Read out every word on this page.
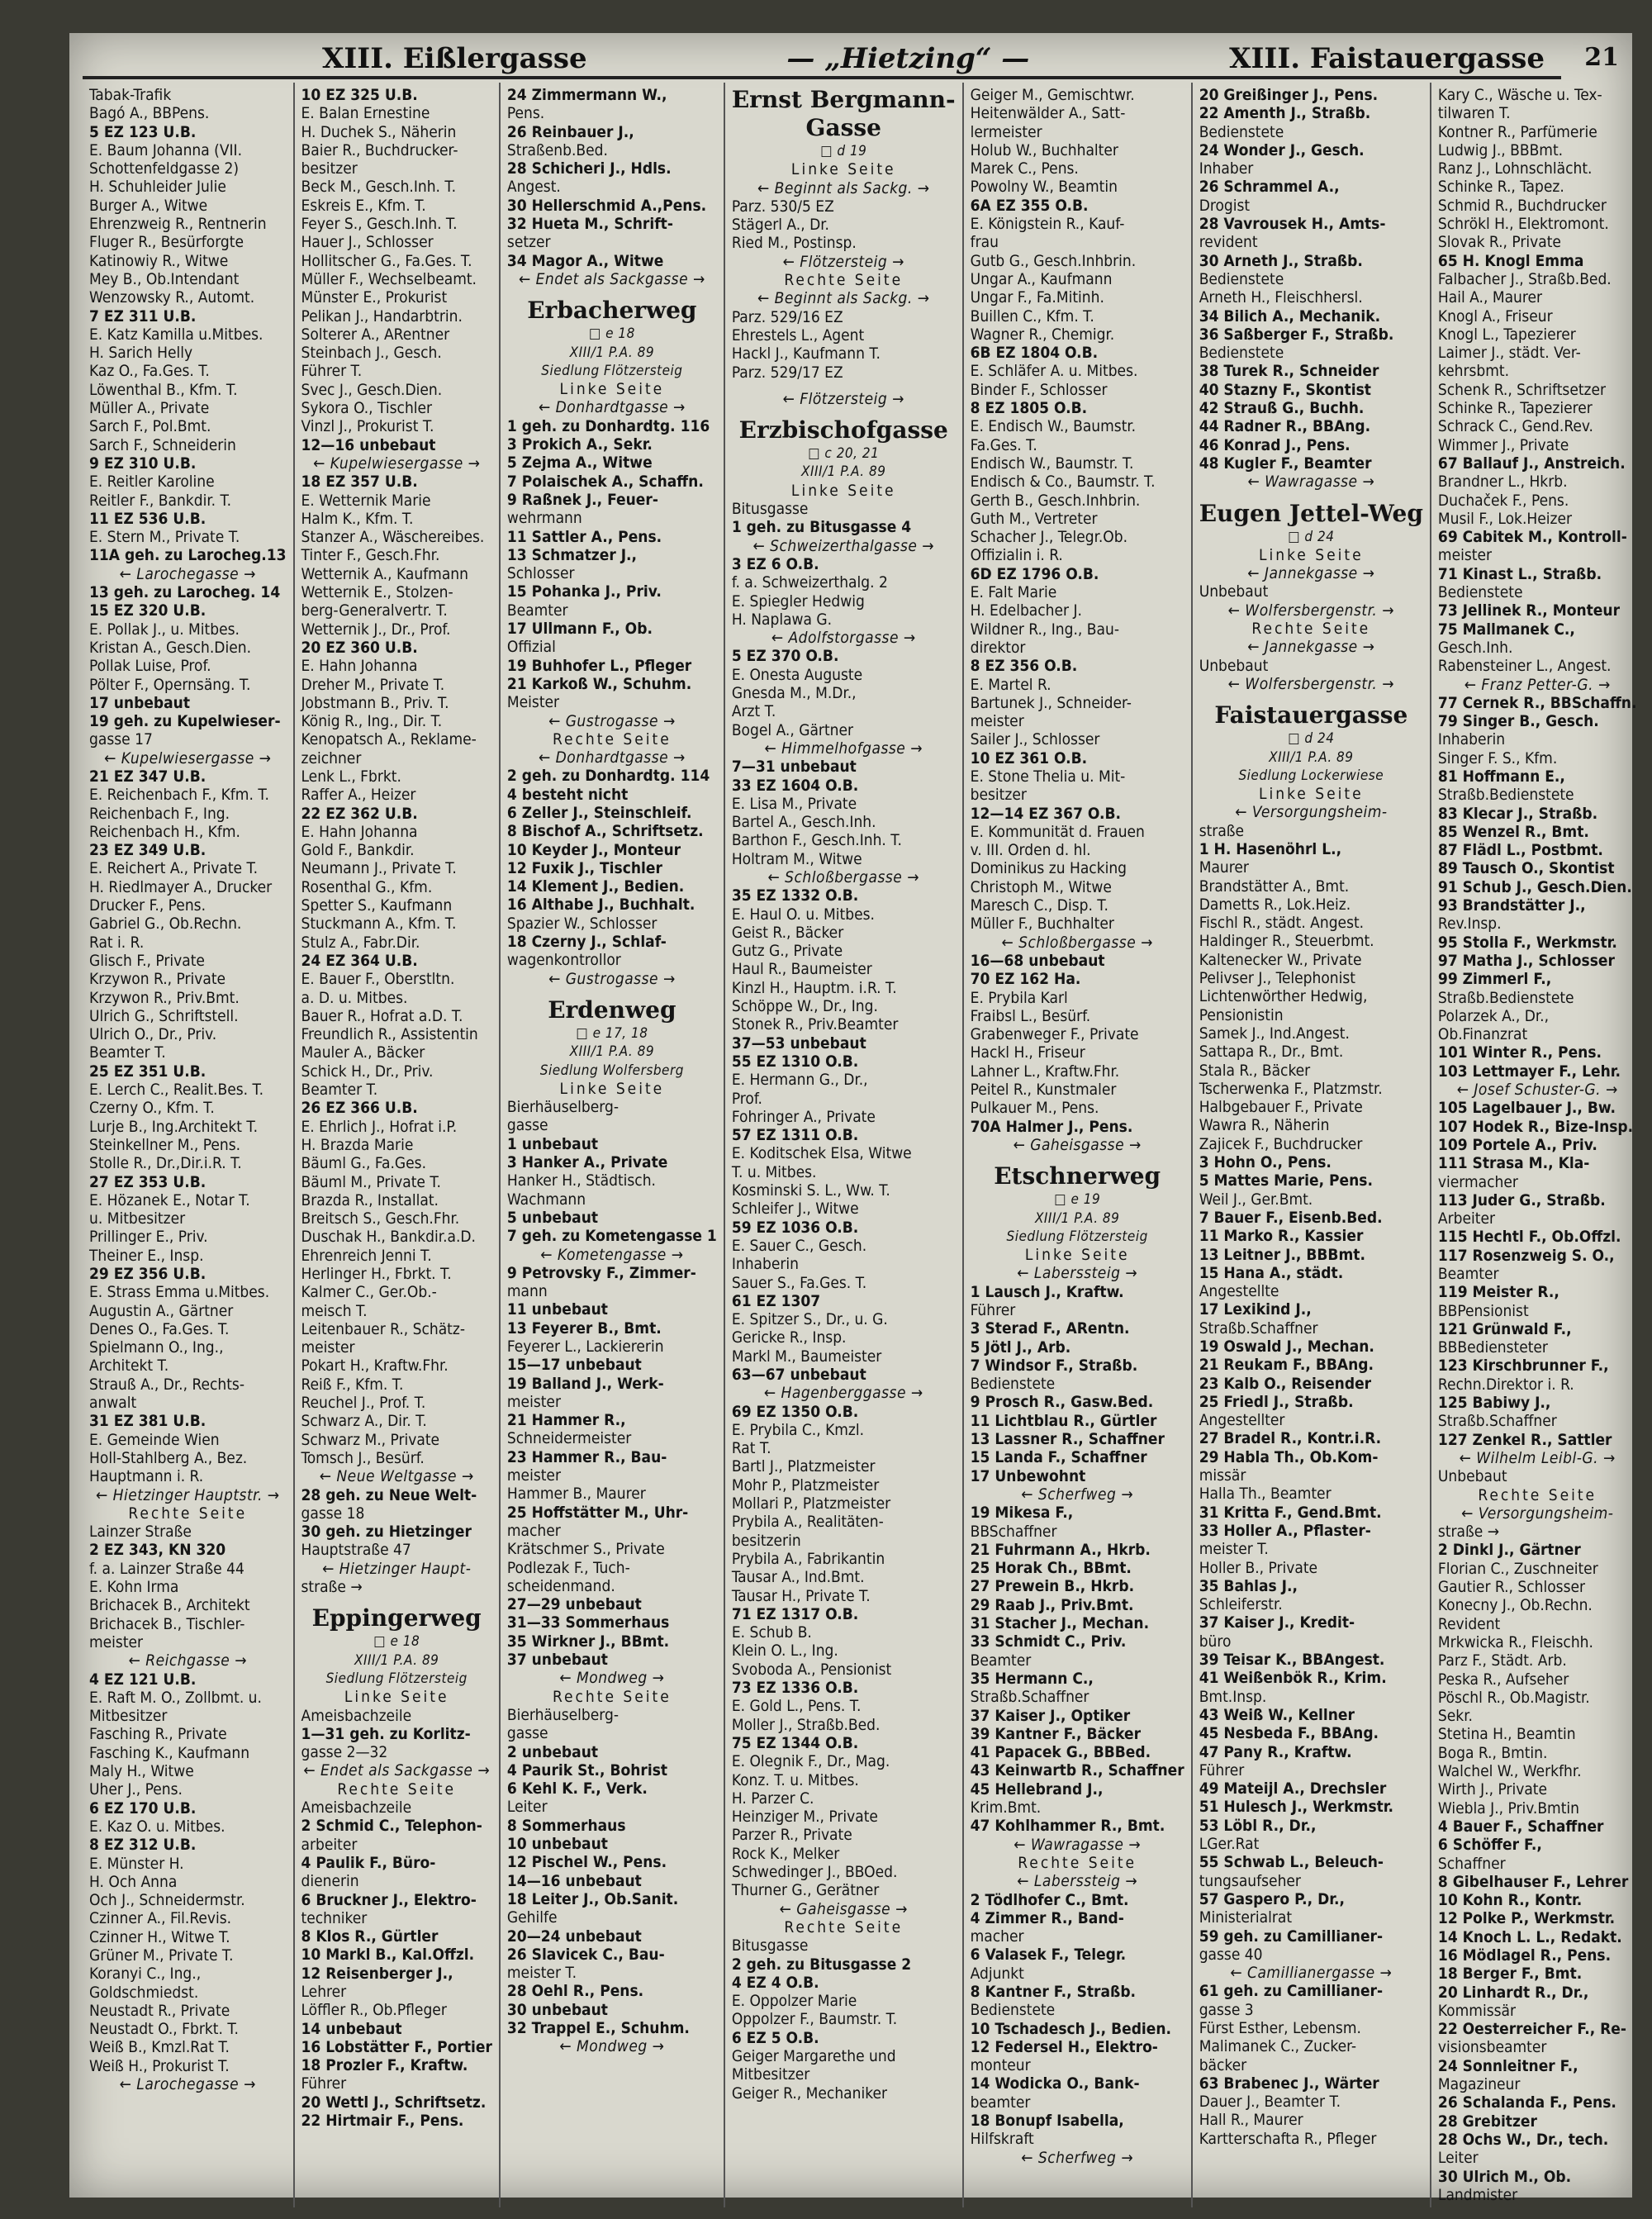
XIII. Eißlergasse	— „Hietzing“ —	XIII. Faistauergasse 21
Tabak-Trafik
Bagó A., BBPens.
5 EZ 123 U.B.
E. Baum Johanna (VII.
Schottenfeldgasse 2)
H. Schuhleider Julie
Burger A., Witwe
Ehrenzweig R., Rentnerin
Fluger R., Besürforgte
Katinowiy R., Witwe
Mey B., Ob.Intendant
Wenzowsky R., Automt.
7 EZ 311 U.B.
E. Katz Kamilla u.Mitbes.
H. Sarich Helly
Kaz O., Fa.Ges. T.
Löwenthal B., Kfm. T.
Müller A., Private
Sarch F., Pol.Bmt.
Sarch F., Schneiderin
9 EZ 310 U.B.
E. Reitler Karoline
Reitler F., Bankdir. T.
11 EZ 536 U.B.
E. Stern M., Private T.
11A geh. zu Larocheg.13
← Larochegasse →
13 geh. zu Larocheg. 14
15 EZ 320 U.B.
E. Pollak J., u. Mitbes.
Kristan A., Gesch.Dien.
Pollak Luise, Prof.
Pölter F., Opernsäng. T.
17 unbebaut
19 geh. zu Kupelwieser-
gasse 17
← Kupelwiesergasse →
21 EZ 347 U.B.
E. Reichenbach F., Kfm. T.
Reichenbach F., Ing.
Reichenbach H., Kfm.
23 EZ 349 U.B.
E. Reichert A., Private T.
H. Riedlmayer A., Drucker
Drucker F., Pens.
Gabriel G., Ob.Rechn.
Rat i. R.
Glisch F., Private
Krzywon R., Private
Krzywon R., Priv.Bmt.
Ulrich G., Schriftstell.
Ulrich O., Dr., Priv.
Beamter T.
25 EZ 351 U.B.
E. Lerch C., Realit.Bes. T.
Czerny O., Kfm. T.
Lurje B., Ing.Architekt T.
Steinkellner M., Pens.
Stolle R., Dr.,Dir.i.R. T.
27 EZ 353 U.B.
E. Hözanek E., Notar T.
u. Mitbesitzer
Prillinger E., Priv.
Theiner E., Insp.
29 EZ 356 U.B.
E. Strass Emma u.Mitbes.
Augustin A., Gärtner
Denes O., Fa.Ges. T.
Spielmann O., Ing.,
Architekt T.
Strauß A., Dr., Rechts-
anwalt
31 EZ 381 U.B.
E. Gemeinde Wien
Holl-Stahlberg A., Bez.
Hauptmann i. R.
← Hietzinger Hauptstr. →
Rechte Seite
Lainzer Straße
2 EZ 343, KN 320
f. a. Lainzer Straße 44
E. Kohn Irma
Brichacek B., Architekt
Brichacek B., Tischler-
meister
← Reichgasse →
4 EZ 121 U.B.
E. Raft M. O., Zollbmt. u.
Mitbesitzer
Fasching R., Private
Fasching K., Kaufmann
Maly H., Witwe
Uher J., Pens.
6 EZ 170 U.B.
E. Kaz O. u. Mitbes.
8 EZ 312 U.B.
E. Münster H.
H. Och Anna
Och J., Schneidermstr.
Czinner A., Fil.Revis.
Czinner H., Witwe T.
Grüner M., Private T.
Koranyi C., Ing.,
Goldschmiedst.
Neustadt R., Private
Neustadt O., Fbrkt. T.
Weiß B., Kmzl.Rat T.
Weiß H., Prokurist T.
← Larochegasse →
10 EZ 325 U.B.
E. Balan Ernestine
H. Duchek S., Näherin
Baier R., Buchdrucker-
besitzer
Beck M., Gesch.Inh. T.
Eskreis E., Kfm. T.
Feyer S., Gesch.Inh. T.
Hauer J., Schlosser
Hollitscher G., Fa.Ges. T.
Müller F., Wechselbeamt.
Münster E., Prokurist
Pelikan J., Handarbtrin.
Solterer A., ARentner
Steinbach J., Gesch.
Führer T.
Svec J., Gesch.Dien.
Sykora O., Tischler
Vinzl J., Prokurist T.
12—16 unbebaut
← Kupelwiesergasse →
18 EZ 357 U.B.
E. Wetternik Marie
Halm K., Kfm. T.
Stanzer A., Wäschereibes.
Tinter F., Gesch.Fhr.
Wetternik A., Kaufmann
Wetternik E., Stolzen-
berg-Generalvertr. T.
Wetternik J., Dr., Prof.
20 EZ 360 U.B.
E. Hahn Johanna
Dreher M., Private T.
Jobstmann B., Priv. T.
König R., Ing., Dir. T.
Kenopatsch A., Reklame-
zeichner
Lenk L., Fbrkt.
Raffer A., Heizer
22 EZ 362 U.B.
E. Hahn Johanna
Gold F., Bankdir.
Neumann J., Private T.
Rosenthal G., Kfm.
Spetter S., Kaufmann
Stuckmann A., Kfm. T.
Stulz A., Fabr.Dir.
24 EZ 364 U.B.
E. Bauer F., Oberstltn.
a. D. u. Mitbes.
Bauer R., Hofrat a.D. T.
Freundlich R., Assistentin
Mauler A., Bäcker
Schick H., Dr., Priv.
Beamter T.
26 EZ 366 U.B.
E. Ehrlich J., Hofrat i.P.
H. Brazda Marie
Bäuml G., Fa.Ges.
Bäuml M., Private T.
Brazda R., Installat.
Breitsch S., Gesch.Fhr.
Duschak H., Bankdir.a.D.
Ehrenreich Jenni T.
Herlinger H., Fbrkt. T.
Kalmer C., Ger.Ob.-
meisch T.
Leitenbauer R., Schätz-
meister
Pokart H., Kraftw.Fhr.
Reiß F., Kfm. T.
Reuchel J., Prof. T.
Schwarz A., Dir. T.
Schwarz M., Private
Tomsch J., Besürf.
← Neue Weltgasse →
28 geh. zu Neue Welt-
gasse 18
30 geh. zu Hietzinger
Hauptstraße 47
← Hietzinger Haupt-
straße →
Eppingerweg
□ e 18
XIII/1 P.A. 89
Siedlung Flötzersteig
Linke Seite
Ameisbachzeile
1—31 geh. zu Korlitz-
gasse 2—32
← Endet als Sackgasse →
Rechte Seite
Ameisbachzeile
2 Schmid C., Telephon-
arbeiter
4 Paulik F., Büro-
dienerin
6 Bruckner J., Elektro-
techniker
8 Klos R., Gürtler
10 Markl B., Kal.Offzl.
12 Reisenberger J.,
Lehrer
Löffler R., Ob.Pfleger
14 unbebaut
16 Lobstätter F., Portier
18 Prozler F., Kraftw.
Führer
20 Wettl J., Schriftsetz.
22 Hirtmair F., Pens.
24 Zimmermann W.,
Pens.
26 Reinbauer J.,
Straßenb.Bed.
28 Schicheri J., Hdls.
Angest.
30 Hellerschmid A.,Pens.
32 Hueta M., Schrift-
setzer
34 Magor A., Witwe
← Endet als Sackgasse →
Erbacherweg
□ e 18
XIII/1 P.A. 89
Siedlung Flötzersteig
Linke Seite
← Donhardtgasse →
1 geh. zu Donhardtg. 116
3 Prokich A., Sekr.
5 Zejma A., Witwe
7 Polaischek A., Schaffn.
9 Raßnek J., Feuer-
wehrmann
11 Sattler A., Pens.
13 Schmatzer J.,
Schlosser
15 Pohanka J., Priv.
Beamter
17 Ullmann F., Ob.
Offizial
19 Buhhofer L., Pfleger
21 Karkoß W., Schuhm.
Meister
← Gustrogasse →
Rechte Seite
← Donhardtgasse →
2 geh. zu Donhardtg. 114
4 besteht nicht
6 Zeller J., Steinschleif.
8 Bischof A., Schriftsetz.
10 Keyder J., Monteur
12 Fuxik J., Tischler
14 Klement J., Bedien.
16 Althabe J., Buchhalt.
Spazier W., Schlosser
18 Czerny J., Schlaf-
wagenkontrollor
← Gustrogasse →
Erdenweg
□ e 17, 18
XIII/1 P.A. 89
Siedlung Wolfersberg
Linke Seite
Bierhäuselberg-
gasse
1 unbebaut
3 Hanker A., Private
Hanker H., Städtisch.
Wachmann
5 unbebaut
7 geh. zu Kometengasse 1
← Kometengasse →
9 Petrovsky F., Zimmer-
mann
11 unbebaut
13 Feyerer B., Bmt.
Feyerer L., Lackiererin
15—17 unbebaut
19 Balland J., Werk-
meister
21 Hammer R.,
Schneidermeister
23 Hammer R., Bau-
meister
Hammer B., Maurer
25 Hoffstätter M., Uhr-
macher
Krätschmer S., Private
Podlezak F., Tuch-
scheidenmand.
27—29 unbebaut
31—33 Sommerhaus
35 Wirkner J., BBmt.
37 unbebaut
← Mondweg →
Rechte Seite
Bierhäuselberg-
gasse
2 unbebaut
4 Paurik St., Bohrist
6 Kehl K. F., Verk.
Leiter
8 Sommerhaus
10 unbebaut
12 Pischel W., Pens.
14—16 unbebaut
18 Leiter J., Ob.Sanit.
Gehilfe
20—24 unbebaut
26 Slavicek C., Bau-
meister T.
28 Oehl R., Pens.
30 unbebaut
32 Trappel E., Schuhm.
← Mondweg →
Ernst Bergmann-
Gasse
□ d 19
Linke Seite
← Beginnt als Sackg. →
Parz. 530/5 EZ
Stägerl A., Dr.
Ried M., Postinsp.
← Flötzersteig →
Rechte Seite
← Beginnt als Sackg. →
Parz. 529/16 EZ
Ehrestels L., Agent
Hackl J., Kaufmann T.
Parz. 529/17 EZ
← Flötzersteig →
Erzbischofgasse
□ c 20, 21
XIII/1 P.A. 89
Linke Seite
Bitusgasse
1 geh. zu Bitusgasse 4
← Schweizerthalgasse →
3 EZ 6 O.B.
f. a. Schweizerthalg. 2
E. Spiegler Hedwig
H. Naplawa G.
← Adolfstorgasse →
5 EZ 370 O.B.
E. Onesta Auguste
Gnesda M., M.Dr.,
Arzt T.
Bogel A., Gärtner
← Himmelhofgasse →
7—31 unbebaut
33 EZ 1604 O.B.
E. Lisa M., Private
Bartel A., Gesch.Inh.
Barthon F., Gesch.Inh. T.
Holtram M., Witwe
← Schloßbergasse →
35 EZ 1332 O.B.
E. Haul O. u. Mitbes.
Geist R., Bäcker
Gutz G., Private
Haul R., Baumeister
Kinzl H., Hauptm. i.R. T.
Schöppe W., Dr., Ing.
Stonek R., Priv.Beamter
37—53 unbebaut
55 EZ 1310 O.B.
E. Hermann G., Dr.,
Prof.
Fohringer A., Private
57 EZ 1311 O.B.
E. Koditschek Elsa, Witwe
T. u. Mitbes.
Kosminski S. L., Ww. T.
Schleifer J., Witwe
59 EZ 1036 O.B.
E. Sauer C., Gesch.
Inhaberin
Sauer S., Fa.Ges. T.
61 EZ 1307
E. Spitzer S., Dr., u. G.
Gericke R., Insp.
Markl M., Baumeister
63—67 unbebaut
← Hagenberggasse →
69 EZ 1350 O.B.
E. Prybila C., Kmzl.
Rat T.
Bartl J., Platzmeister
Mohr P., Platzmeister
Mollari P., Platzmeister
Prybila A., Realitäten-
besitzerin
Prybila A., Fabrikantin
Tausar A., Ind.Bmt.
Tausar H., Private T.
71 EZ 1317 O.B.
E. Schub B.
Klein O. L., Ing.
Svoboda A., Pensionist
73 EZ 1336 O.B.
E. Gold L., Pens. T.
Moller J., Straßb.Bed.
75 EZ 1344 O.B.
E. Olegnik F., Dr., Mag.
Konz. T. u. Mitbes.
H. Parzer C.
Heinziger M., Private
Parzer R., Private
Rock K., Melker
Schwedinger J., BBOed.
Thurner G., Gerätner
← Gaheisgasse →
Rechte Seite
Bitusgasse
2 geh. zu Bitusgasse 2
4 EZ 4 O.B.
E. Oppolzer Marie
Oppolzer F., Baumstr. T.
6 EZ 5 O.B.
Geiger Margarethe und
Mitbesitzer
Geiger R., Mechaniker
Geiger M., Gemischtwr.
Heitenwälder A., Satt-
lermeister
Holub W., Buchhalter
Marek C., Pens.
Powolny W., Beamtin
6A EZ 355 O.B.
E. Königstein R., Kauf-
frau
Gutb G., Gesch.Inhbrin.
Ungar A., Kaufmann
Ungar F., Fa.Mitinh.
Buillen C., Kfm. T.
Wagner R., Chemigr.
6B EZ 1804 O.B.
E. Schläfer A. u. Mitbes.
Binder F., Schlosser
8 EZ 1805 O.B.
E. Endisch W., Baumstr.
Fa.Ges. T.
Endisch W., Baumstr. T.
Endisch & Co., Baumstr. T.
Gerth B., Gesch.Inhbrin.
Guth M., Vertreter
Schacher J., Telegr.Ob.
Offizialin i. R.
6D EZ 1796 O.B.
E. Falt Marie
H. Edelbacher J.
Wildner R., Ing., Bau-
direktor
8 EZ 356 O.B.
E. Martel R.
Bartunek J., Schneider-
meister
Sailer J., Schlosser
10 EZ 361 O.B.
E. Stone Thelia u. Mit-
besitzer
12—14 EZ 367 O.B.
E. Kommunität d. Frauen
v. III. Orden d. hl.
Dominikus zu Hacking
Christoph M., Witwe
Maresch C., Disp. T.
Müller F., Buchhalter
← Schloßbergasse →
16—68 unbebaut
70 EZ 162 Ha.
E. Prybila Karl
Fraibsl L., Besürf.
Grabenweger F., Private
Hackl H., Friseur
Lahner L., Kraftw.Fhr.
Peitel R., Kunstmaler
Pulkauer M., Pens.
70A Halmer J., Pens.
← Gaheisgasse →
Etschnerweg
□ e 19
XIII/1 P.A. 89
Siedlung Flötzersteig
Linke Seite
← Laberssteig →
1 Lausch J., Kraftw.
Führer
3 Sterad F., ARentn.
5 Jötl J., Arb.
7 Windsor F., Straßb.
Bedienstete
9 Prosch R., Gasw.Bed.
11 Lichtblau R., Gürtler
13 Lassner R., Schaffner
15 Landa F., Schaffner
17 Unbewohnt
← Scherfweg →
19 Mikesa F.,
BBSchaffner
21 Fuhrmann A., Hkrb.
25 Horak Ch., BBmt.
27 Prewein B., Hkrb.
29 Raab J., Priv.Bmt.
31 Stacher J., Mechan.
33 Schmidt C., Priv.
Beamter
35 Hermann C.,
Straßb.Schaffner
37 Kaiser J., Optiker
39 Kantner F., Bäcker
41 Papacek G., BBBed.
43 Keinwartb R., Schaffner
45 Hellebrand J.,
Krim.Bmt.
47 Kohlhammer R., Bmt.
← Wawragasse →
Rechte Seite
← Laberssteig →
2 Tödlhofer C., Bmt.
4 Zimmer R., Band-
macher
6 Valasek F., Telegr.
Adjunkt
8 Kantner F., Straßb.
Bedienstete
10 Tschadesch J., Bedien.
12 Federsel H., Elektro-
monteur
14 Wodicka O., Bank-
beamter
18 Bonupf Isabella,
Hilfskraft
← Scherfweg →
20 Greißinger J., Pens.
22 Amenth J., Straßb.
Bedienstete
24 Wonder J., Gesch.
Inhaber
26 Schrammel A.,
Drogist
28 Vavrousek H., Amts-
revident
30 Arneth J., Straßb.
Bedienstete
Arneth H., Fleischhersl.
34 Bilich A., Mechanik.
36 Saßberger F., Straßb.
Bedienstete
38 Turek R., Schneider
40 Stazny F., Skontist
42 Strauß G., Buchh.
44 Radner R., BBAng.
46 Konrad J., Pens.
48 Kugler F., Beamter
← Wawragasse →
Eugen Jettel-Weg
□ d 24
Linke Seite
← Jannekgasse →
Unbebaut
← Wolfersbergenstr. →
Rechte Seite
← Jannekgasse →
Unbebaut
← Wolfersbergenstr. →
Faistauergasse
□ d 24
XIII/1 P.A. 89
Siedlung Lockerwiese
Linke Seite
← Versorgungsheim-
straße
1 H. Hasenöhrl L.,
Maurer
Brandstätter A., Bmt.
Dametts R., Lok.Heiz.
Fischl R., städt. Angest.
Haldinger R., Steuerbmt.
Kaltenecker W., Private
Pelivser J., Telephonist
Lichtenwörther Hedwig,
Pensionistin
Samek J., Ind.Angest.
Sattapa R., Dr., Bmt.
Stala R., Bäcker
Tscherwenka F., Platzmstr.
Halbgebauer F., Private
Wawra R., Näherin
Zajicek F., Buchdrucker
3 Hohn O., Pens.
5 Mattes Marie, Pens.
Weil J., Ger.Bmt.
7 Bauer F., Eisenb.Bed.
11 Marko R., Kassier
13 Leitner J., BBBmt.
15 Hana A., städt.
Angestellte
17 Lexikind J.,
Straßb.Schaffner
19 Oswald J., Mechan.
21 Reukam F., BBAng.
23 Kalb O., Reisender
25 Friedl J., Straßb.
Angestellter
27 Bradel R., Kontr.i.R.
29 Habla Th., Ob.Kom-
missär
Halla Th., Beamter
31 Kritta F., Gend.Bmt.
33 Holler A., Pflaster-
meister T.
Holler B., Private
35 Bahlas J.,
Schleiferstr.
37 Kaiser J., Kredit-
büro
39 Teisar K., BBAngest.
41 Weißenbök R., Krim.
Bmt.Insp.
43 Weiß W., Kellner
45 Nesbeda F., BBAng.
47 Pany R., Kraftw.
Führer
49 Mateijl A., Drechsler
51 Hulesch J., Werkmstr.
53 Löbl R., Dr.,
LGer.Rat
55 Schwab L., Beleuch-
tungsaufseher
57 Gaspero P., Dr.,
Ministerialrat
59 geh. zu Camillianer-
gasse 40
← Camillianergasse →
61 geh. zu Camillianer-
gasse 3
Fürst Esther, Lebensm.
Malimanek C., Zucker-
bäcker
63 Brabenec J., Wärter
Dauer J., Beamter T.
Hall R., Maurer
Kartterschafta R., Pfleger
Kary C., Wäsche u. Tex-
tilwaren T.
Kontner R., Parfümerie
Ludwig J., BBBmt.
Ranz J., Lohnschlächt.
Schinke R., Tapez.
Schmid R., Buchdrucker
Schrökl H., Elektromont.
Slovak R., Private
65 H. Knogl Emma
Falbacher J., Straßb.Bed.
Hail A., Maurer
Knogl A., Friseur
Knogl L., Tapezierer
Laimer J., städt. Ver-
kehrsbmt.
Schenk R., Schriftsetzer
Schinke R., Tapezierer
Schrack C., Gend.Rev.
Wimmer J., Private
67 Ballauf J., Anstreich.
Brandner L., Hkrb.
Duchaček F., Pens.
Musil F., Lok.Heizer
69 Cabitek M., Kontroll-
meister
71 Kinast L., Straßb.
Bedienstete
73 Jellinek R., Monteur
75 Mallmanek C.,
Gesch.Inh.
Rabensteiner L., Angest.
← Franz Petter-G. →
77 Cernek R., BBSchaffn.
79 Singer B., Gesch.
Inhaberin
Singer F. S., Kfm.
81 Hoffmann E.,
Straßb.Bedienstete
83 Klecar J., Straßb.
85 Wenzel R., Bmt.
87 Flädl L., Postbmt.
89 Tausch O., Skontist
91 Schub J., Gesch.Dien.
93 Brandstätter J.,
Rev.Insp.
95 Stolla F., Werkmstr.
97 Matha J., Schlosser
99 Zimmerl F.,
Straßb.Bedienstete
Polarzek A., Dr.,
Ob.Finanzrat
101 Winter R., Pens.
103 Lettmayer F., Lehr.
← Josef Schuster-G. →
105 Lagelbauer J., Bw.
107 Hodek R., Bize-Insp.
109 Portele A., Priv.
111 Strasa M., Kla-
viermacher
113 Juder G., Straßb.
Arbeiter
115 Hechtl F., Ob.Offzl.
117 Rosenzweig S. O.,
Beamter
119 Meister R.,
BBPensionist
121 Grünwald F.,
BBBediensteter
123 Kirschbrunner F.,
Rechn.Direktor i. R.
125 Babiwy J.,
Straßb.Schaffner
127 Zenkel R., Sattler
← Wilhelm Leibl-G. →
Unbebaut
Rechte Seite
← Versorgungsheim-
straße →
2 Dinkl J., Gärtner
Florian C., Zuschneiter
Gautier R., Schlosser
Konecny J., Ob.Rechn.
Revident
Mrkwicka R., Fleischh.
Parz F., Städt. Arb.
Peska R., Aufseher
Pöschl R., Ob.Magistr.
Sekr.
Stetina H., Beamtin
Boga R., Bmtin.
Walchel W., Werkfhr.
Wirth J., Private
Wiebla J., Priv.Bmtin
4 Bauer F., Schaffner
6 Schöffer F.,
Schaffner
8 Gibelhauser F., Lehrer
10 Kohn R., Kontr.
12 Polke P., Werkmstr.
14 Knoch L. L., Redakt.
16 Mödlagel R., Pens.
18 Berger F., Bmt.
20 Linhardt R., Dr.,
Kommissär
22 Oesterreicher F., Re-
visionsbeamter
24 Sonnleitner F.,
Magazineur
26 Schalanda F., Pens.
28 Grebitzer
28 Ochs W., Dr., tech.
Leiter
30 Ulrich M., Ob.
Landmister
